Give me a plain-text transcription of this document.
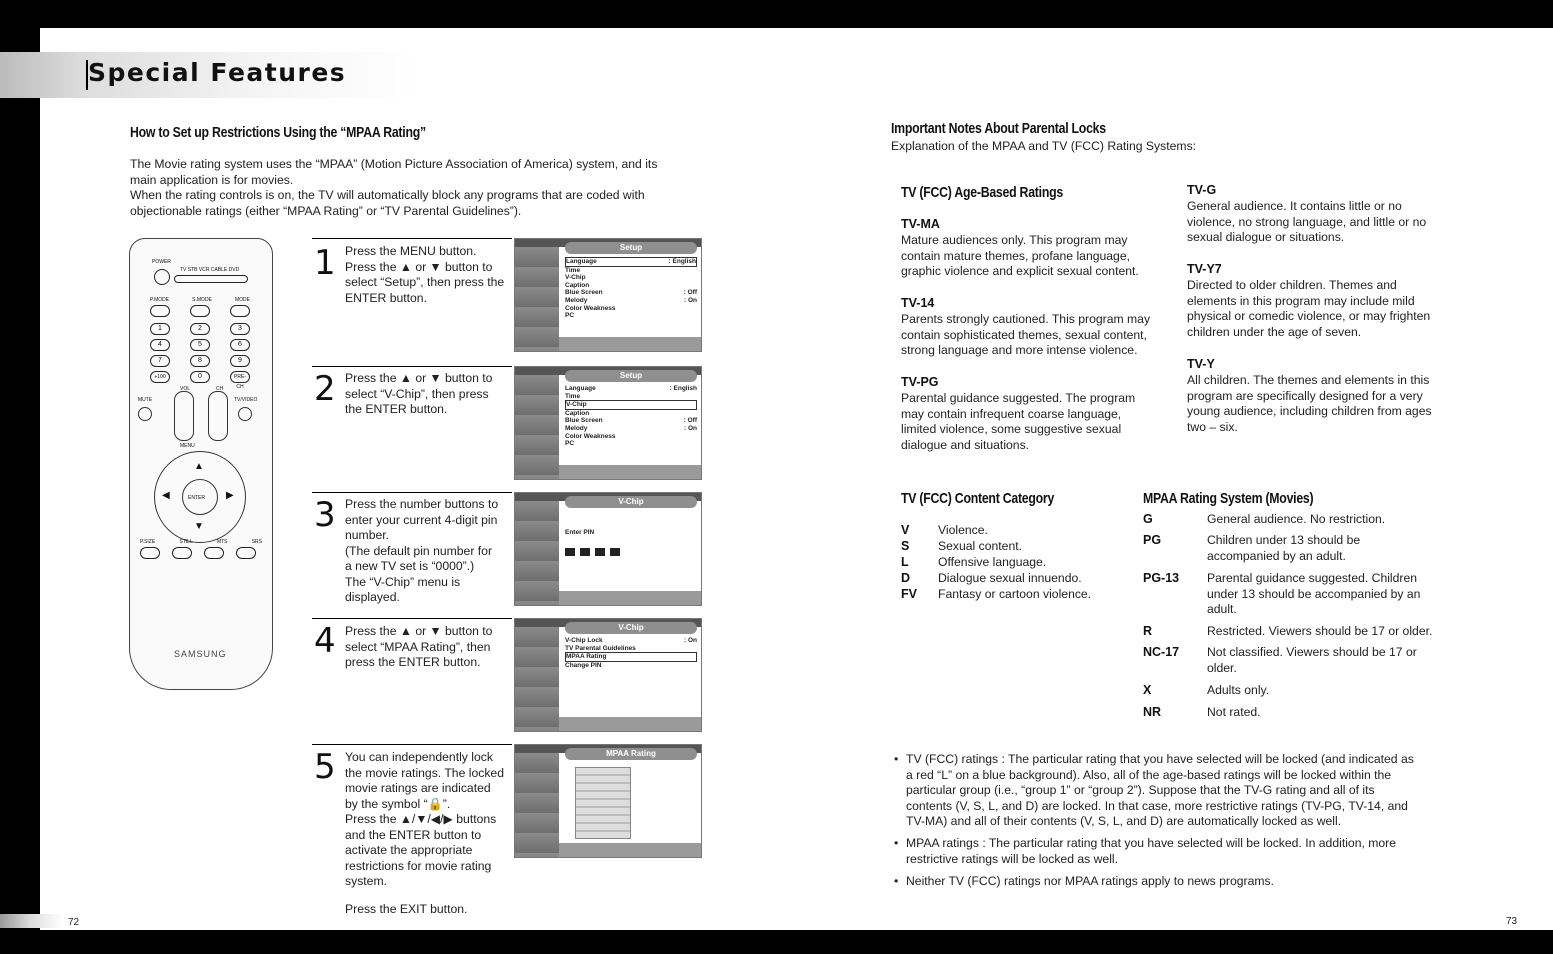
Special Features
How to Set up Restrictions Using the “MPAA Rating”
The Movie rating system uses the “MPAA” (Motion Picture Association of America) system, and its
main application is for movies.
When the rating controls is on, the TV will automatically block any programs that are coded with
objectionable ratings (either “MPAA Rating” or “TV Parental Guidelines”).
POWER
TV STB VCR CABLE DVD
P.MODE	S.MODE	MODE
1	2	3
4	5	6
7	8	9
+100	0	PRE-CH
VOL	CH
MUTE	TV/VIDEO
MENU
ENTER
▲
▼
◀	▶
P.SIZE	STILL	MTS	SRS
SAMSUNG
1 Press the MENU button.
Press the ▲ or ▼ button to
select “Setup”, then press the
ENTER button.
2 Press the ▲ or ▼ button to
select “V-Chip”, then press
the ENTER button.
3 Press the number buttons to
enter your current 4-digit pin
number.
(The default pin number for
a new TV set is “0000”.)
The “V-Chip” menu is
displayed.
4 Press the ▲ or ▼ button to
select “MPAA Rating”, then
press the ENTER button.
5 You can independently lock
the movie ratings. The locked
movie ratings are indicated
by the symbol “🔒”.
Press the ▲/▼/◀/▶ buttons
and the ENTER button to
activate the appropriate
restrictions for movie rating
system.
Press the EXIT button.
Setup
Language	: English
Time
V-Chip
Caption
Blue Screen	: Off
Melody	: On
Color Weakness
PC
Setup
Language	: English
Time
V-Chip
Caption
Blue Screen	: Off
Melody	: On
Color Weakness
PC
V-Chip
Enter PIN
V-Chip
V-Chip Lock	: On
TV Parental Guidelines
MPAA Rating
Change PIN
MPAA Rating
72
Important Notes About Parental Locks
Explanation of the MPAA and TV (FCC) Rating Systems:
TV (FCC) Age-Based Ratings
TV-MA
Mature audiences only. This program may
contain mature themes, profane language,
graphic violence and explicit sexual content.
TV-14
Parents strongly cautioned. This program may
contain sophisticated themes, sexual content,
strong language and more intense violence.
TV-PG
Parental guidance suggested. The program
may contain infrequent coarse language,
limited violence, some suggestive sexual
dialogue and situations.
TV-G
General audience. It contains little or no
violence, no strong language, and little or no
sexual dialogue or situations.
TV-Y7
Directed to older children. Themes and
elements in this program may include mild
physical or comedic violence, or may frighten
children under the age of seven.
TV-Y
All children. The themes and elements in this
program are specifically designed for a very
young audience, including children from ages
two – six.
TV (FCC) Content Category
V Violence.
S Sexual content.
L Offensive language.
D Dialogue sexual innuendo.
FV Fantasy or cartoon violence.
MPAA Rating System (Movies)
G	General audience. No restriction.
PG	Children under 13 should be
accompanied by an adult.
PG-13 Parental guidance suggested. Children
under 13 should be accompanied by an
adult.
R	Restricted. Viewers should be 17 or older.
NC-17 Not classified. Viewers should be 17 or
older.
X	Adults only.
NR	Not rated.
• TV (FCC) ratings : The particular rating that you have selected will be locked (and indicated as
a red “L” on a blue background). Also, all of the age-based ratings will be locked within the
particular group (i.e., “group 1” or “group 2”). Suppose that the TV-G rating and all of its
contents (V, S, L, and D) are locked. In that case, more restrictive ratings (TV-PG, TV-14, and
TV-MA) and all of their contents (V, S, L, and D) are automatically locked as well.
• MPAA ratings : The particular rating that you have selected will be locked. In addition, more
restrictive ratings will be locked as well.
• Neither TV (FCC) ratings nor MPAA ratings apply to news programs.
73
